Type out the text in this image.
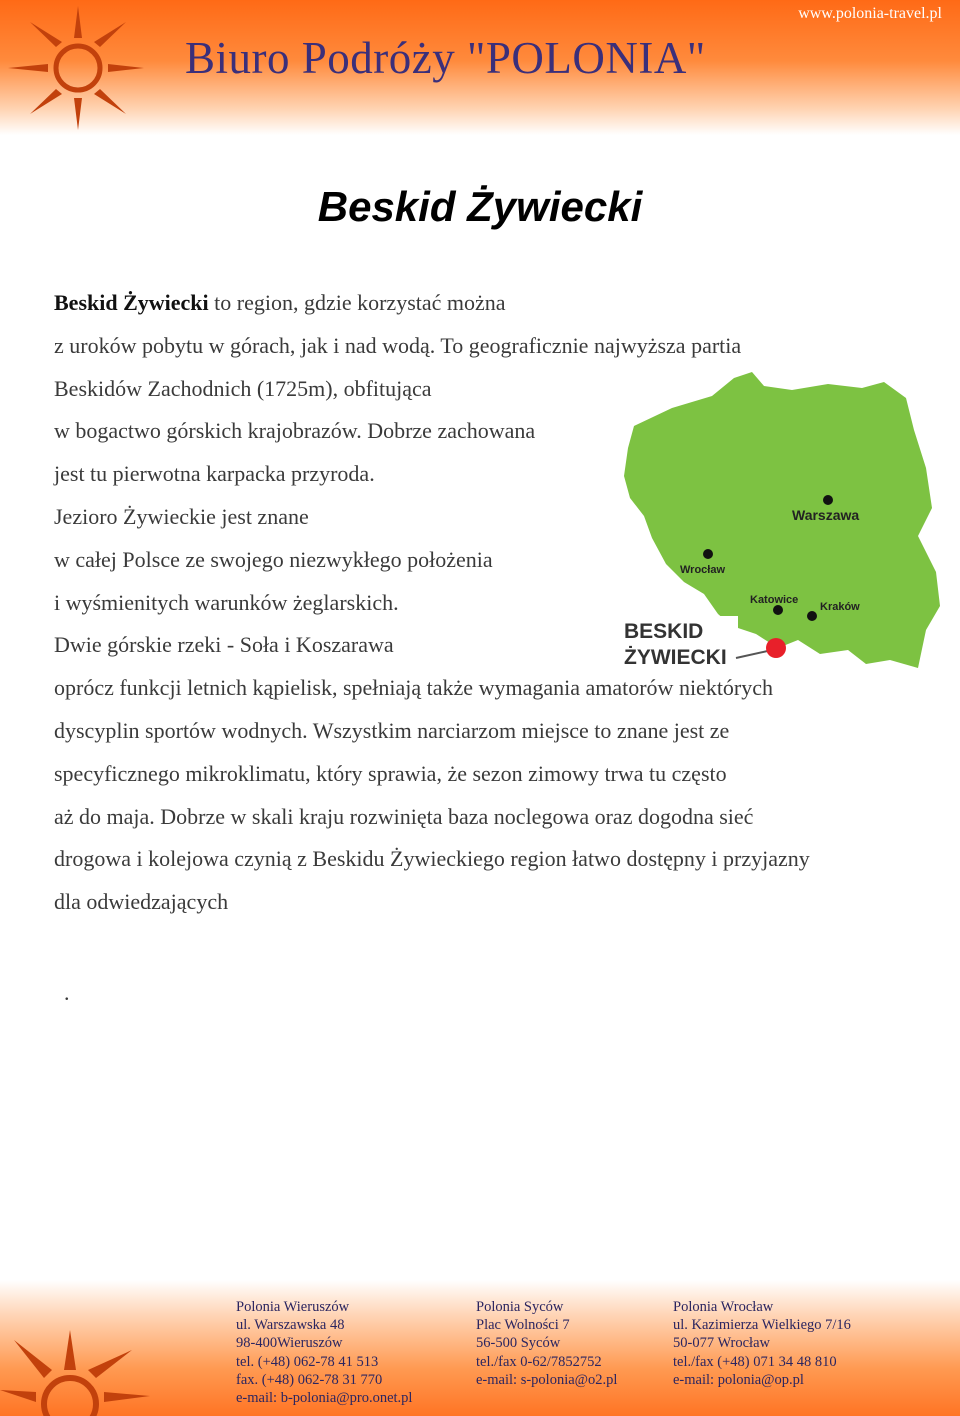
Biuro Podróży "POLONIA"
www.polonia-travel.pl
Beskid Żywiecki
Beskid Żywiecki to region, gdzie korzystać można
z uroków pobytu w górach, jak i nad wodą. To geograficznie najwyższa partia
Beskidów Zachodnich (1725m), obfitująca
w bogactwo górskich krajobrazów. Dobrze zachowana
jest tu pierwotna karpacka przyroda.
Jezioro Żywieckie jest znane
w całej Polsce ze swojego niezwykłego położenia
i wyśmienitych warunków żeglarskich.
Dwie górskie rzeki - Soła i Koszarawa
oprócz funkcji letnich kąpielisk, spełniają także wymagania amatorów niektórych
dyscyplin sportów wodnych. Wszystkim narciarzom miejsce to znane jest ze
specyficznego mikroklimatu, który sprawia, że sezon zimowy trwa tu często
aż do maja. Dobrze w skali kraju rozwinięta baza noclegowa oraz dogodna sieć
drogowa i kolejowa czynią z Beskidu Żywieckiego region łatwo dostępny i przyjazny
dla odwiedzających
.
Warszawa
Wrocław
Katowice
Kraków
BESKID
ŻYWIECKI
Polonia Wieruszów
ul. Warszawska 48
98-400Wieruszów
tel. (+48) 062-78 41 513
fax. (+48) 062-78 31 770
e-mail: b-polonia@pro.onet.pl
Polonia Syców
Plac Wolności 7
56-500 Syców
tel./fax 0-62/7852752
e-mail: s-polonia@o2.pl
Polonia Wrocław
ul. Kazimierza Wielkiego 7/16
50-077 Wrocław
tel./fax (+48) 071 34 48 810
e-mail: polonia@op.pl
